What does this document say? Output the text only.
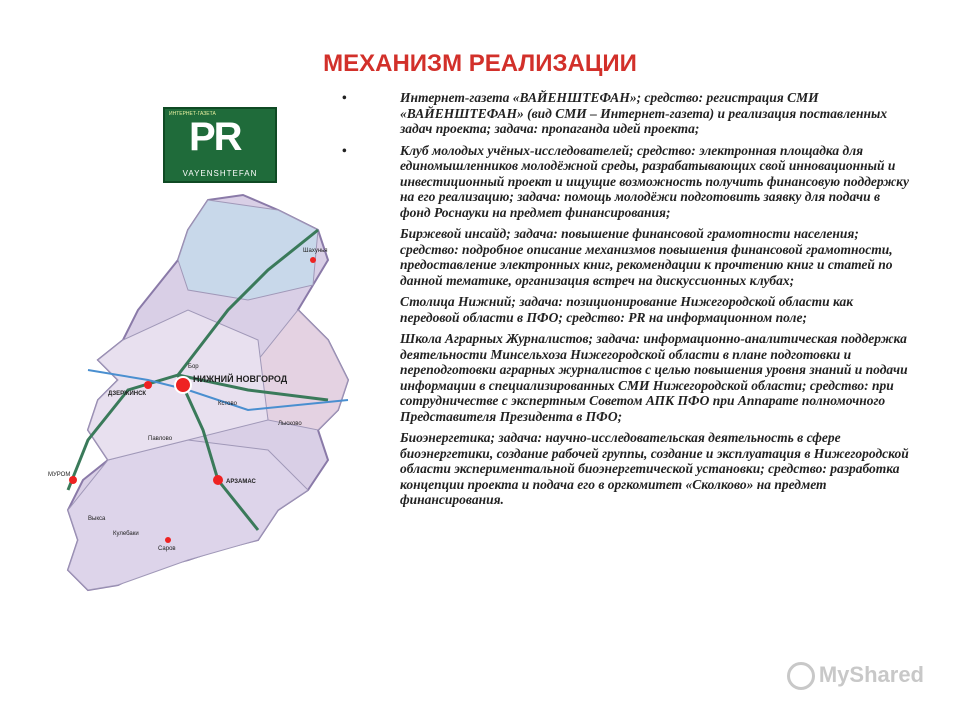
МЕХАНИЗМ РЕАЛИЗАЦИИ
ИНТЕРНЕТ-ГАЗЕТА
PR
VAYENSHTEFAN
НИЖНИЙ НОВГОРОД
ДЗЕРЖИНСК
АРЗАМАС
МУРОМ
Саров
Бор
Шахунья
Выкса
Кулебаки
Лысково
Кстово
Павлово
•	Интернет-газета «ВАЙЕНШТЕФАН»; средство: регистрация СМИ «ВАЙЕНШТЕФАН» (вид СМИ – Интернет-газета) и реализация поставленных задач проекта; задача: пропаганда идей проекта;
•	Клуб молодых учёных-исследователей; средство: электронная площадка для единомышленников молодёжной среды, разрабатывающих свой инновационный и инвестиционный проект и ищущие возможность получить финансовую поддержку на его реализацию; задача: помощь молодёжи подготовить заявку для подачи в фонд Роснауки на предмет финансирования;
Биржевой инсайд; задача: повышение финансовой грамотности населения; средство: подробное описание механизмов повышения финансовой грамотности, предоставление электронных книг, рекомендации к прочтению книг и статей по данной тематике, организация встреч на дискуссионных клубах;
Столица Нижний; задача: позиционирование Нижегородской области как передовой области в ПФО; средство: PR на информационном поле;
Школа Аграрных Журналистов; задача: информационно-аналитическая поддержка деятельности Минсельхоза Нижегородской области в плане подготовки и переподготовки аграрных журналистов с целью повышения уровня знаний и подачи информации в специализированных СМИ Нижегородской области; средство: при сотрудничестве с экспертным Советом АПК ПФО при Аппарате полномочного Представителя Президента в ПФО;
Биоэнергетика; задача: научно-исследовательская деятельность в сфере биоэнергетики, создание рабочей группы, создание и эксплуатация в Нижегородской области экспериментальной биоэнергетической установки; средство: разработка концепции проекта и подача его в оргкомитет «Сколково» на предмет финансирования.
MyShared
